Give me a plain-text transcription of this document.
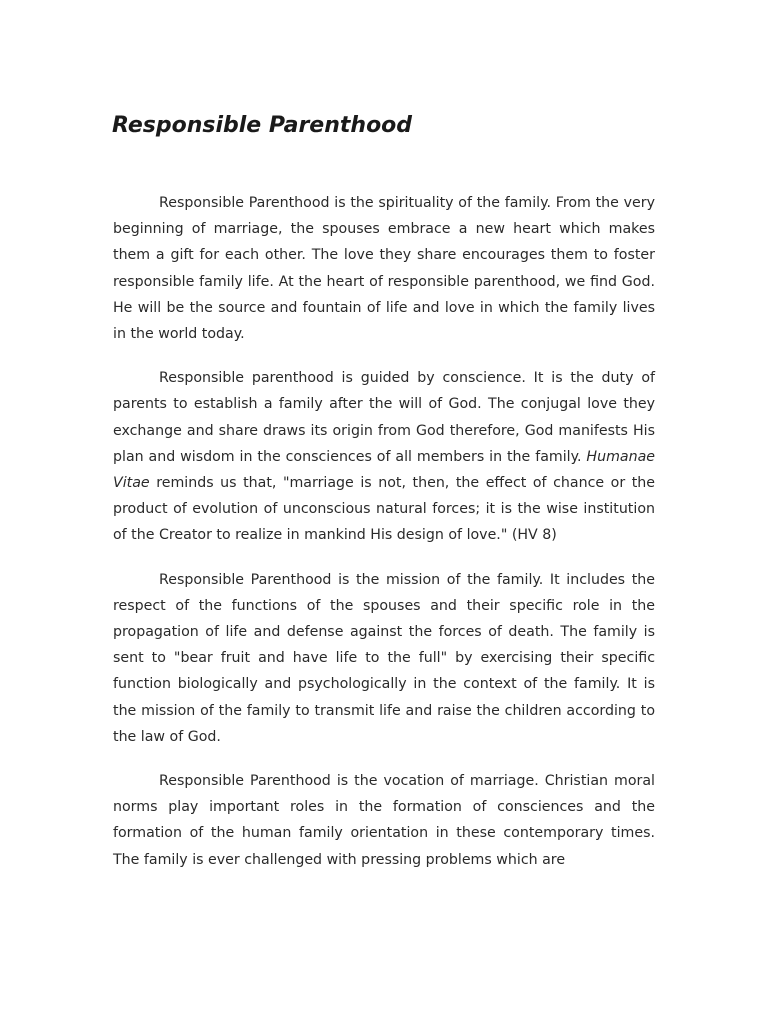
Responsible Parenthood

Responsible Parenthood is the spirituality of the family. From the very beginning of marriage, the spouses embrace a new heart which makes them a gift for each other. The love they share encourages them to foster responsible family life. At the heart of responsible parenthood, we find God. He will be the source and fountain of life and love in which the family lives in the world today.

Responsible parenthood is guided by conscience. It is the duty of parents to establish a family after the will of God. The conjugal love they exchange and share draws its origin from God therefore, God manifests His plan and wisdom in the consciences of all members in the family. Humanae Vitae reminds us that, "marriage is not, then, the effect of chance or the product of evolution of unconscious natural forces; it is the wise institution of the Creator to realize in mankind His design of love." (HV 8)

Responsible Parenthood is the mission of the family. It includes the respect of the functions of the spouses and their specific role in the propagation of life and defense against the forces of death. The family is sent to "bear fruit and have life to the full" by exercising their specific function biologically and psychologically in the context of the family. It is the mission of the family to transmit life and raise the children according to the law of God.

Responsible Parenthood is the vocation of marriage. Christian moral norms play important roles in the formation of consciences and the formation of the human family orientation in these contemporary times. The family is ever challenged with pressing problems which are
